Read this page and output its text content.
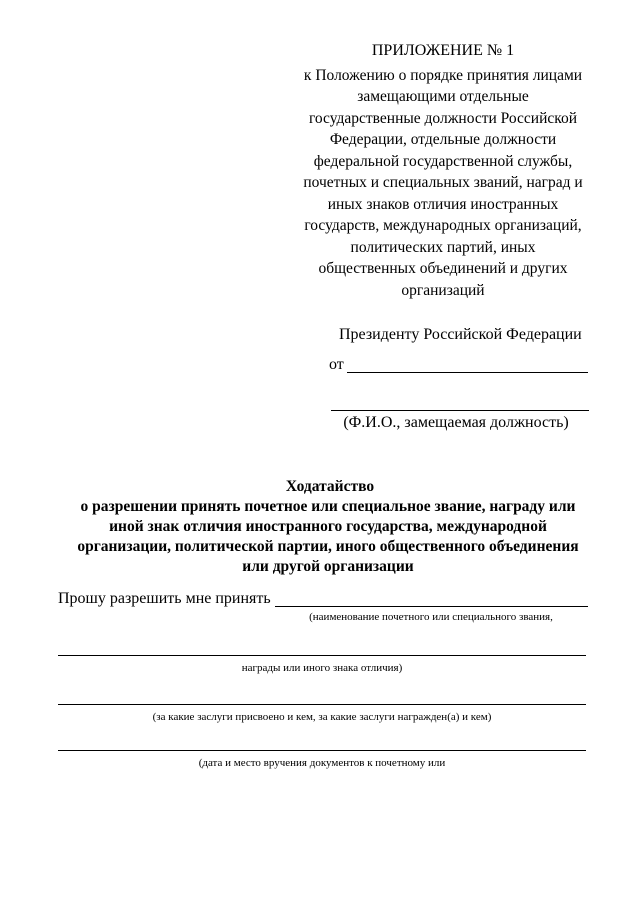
ПРИЛОЖЕНИЕ № 1
к Положению о порядке принятия лицами
замещающими отдельные
государственные должности Российской
Федерации, отдельные должности
федеральной государственной службы,
почетных и специальных званий, наград и
иных знаков отличия иностранных
государств, международных организаций,
политических партий, иных
общественных объединений и других
организаций
Президенту Российской Федерации
от
(Ф.И.О., замещаемая должность)
Ходатайство
о разрешении принять почетное или специальное звание, награду или
иной знак отличия иностранного государства, международной
организации, политической партии, иного общественного объединения
или другой организации
Прошу разрешить мне принять
(наименование почетного или специального звания,
награды или иного знака отличия)
(за какие заслуги присвоено и кем, за какие заслуги награжден(а) и кем)
(дата и место вручения документов к почетному или
